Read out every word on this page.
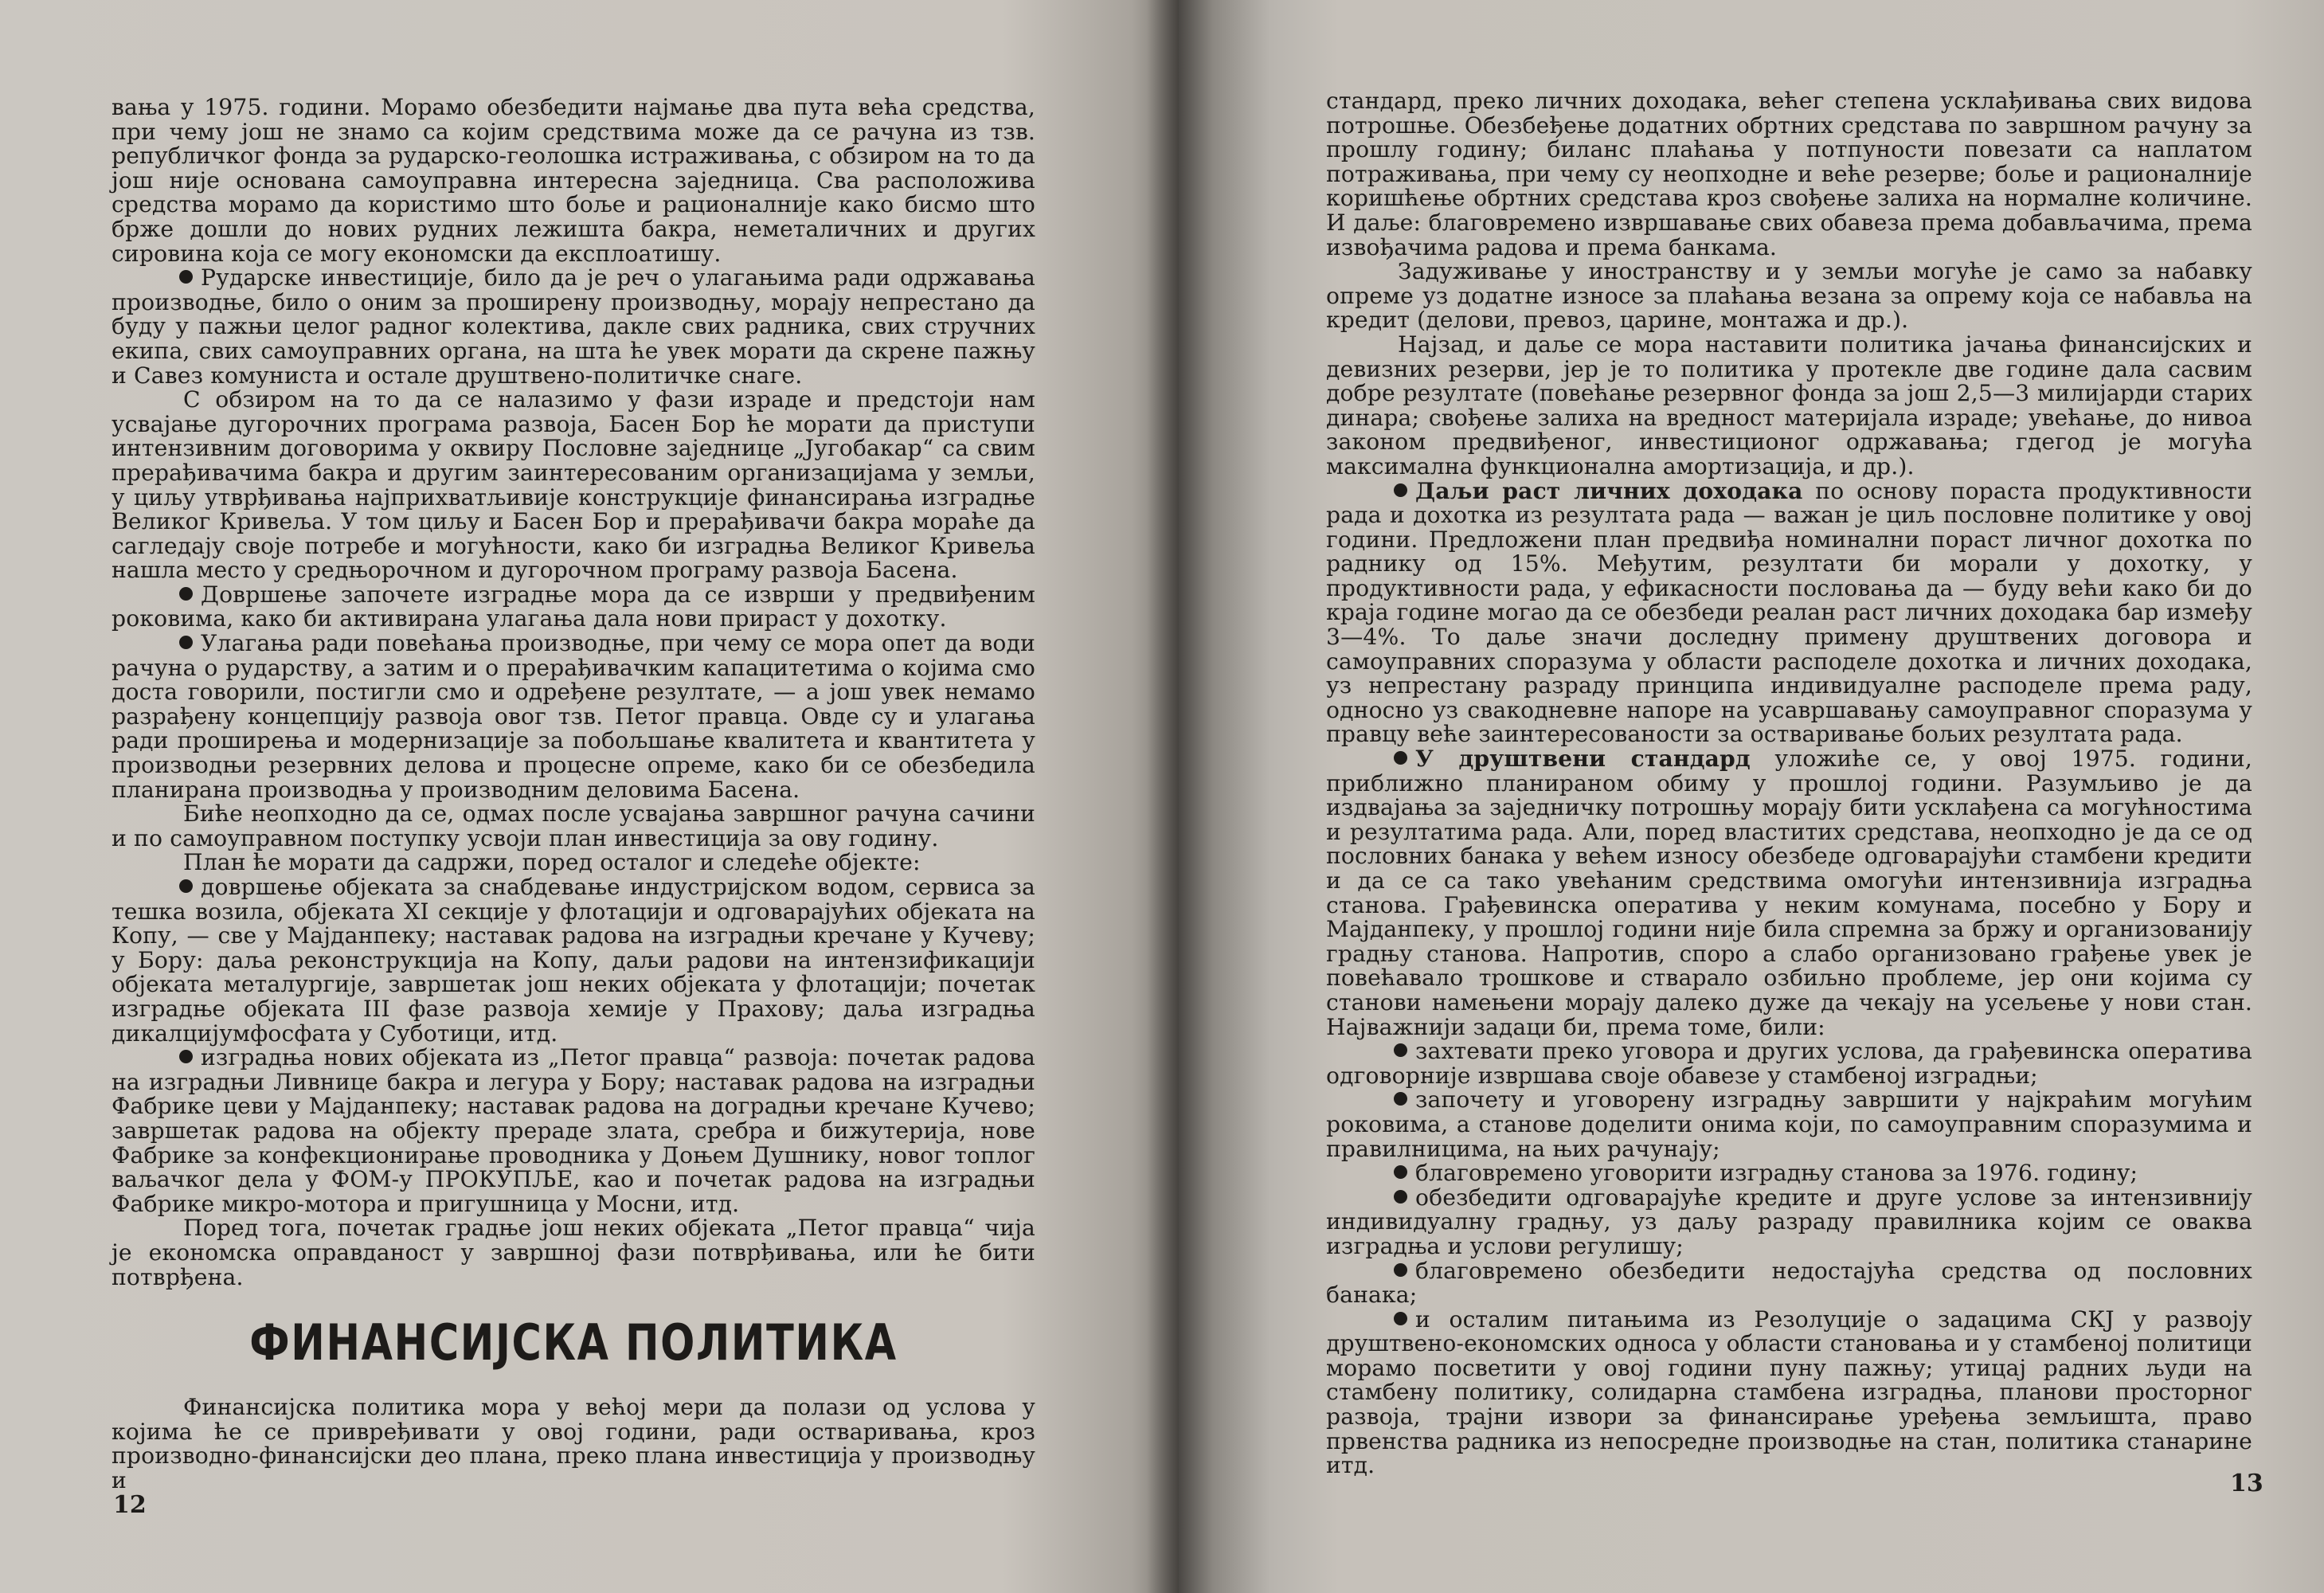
вања у 1975. години. Морамо обезбедити најмање два пута већа средства, при чему још не знамо са којим средствима може да се рачуна из тзв. републичког фонда за рударско-геолошка истраживања, с обзиром на то да још није основана самоуправна интересна заједница. Сва расположива средства морамо да користимо што боље и рационалније како бисмо што брже дошли до нових рудних лежишта бакра, неметаличних и других сировина која се могу економски да експлоатишу.

Рударске инвестиције, било да је реч о улагањима ради одржавања производње, било о оним за проширену производњу, морају непрестано да буду у пажњи целог радног колектива, дакле свих радника, свих стручних екипа, свих самоуправних органа, на шта ће увек морати да скрене пажњу и Савез комуниста и остале друштвено-политичке снаге.

С обзиром на то да се налазимо у фази израде и предстоји нам усвајање дугорочних програма развоја, Басен Бор ће морати да приступи интензивним договорима у оквиру Пословне заједнице „Југобакар“ са свим прерађивачима бакра и другим заинтересованим организацијама у земљи, у циљу утврђивања најприхватљивије конструкције финансирања изградње Великог Кривеља. У том циљу и Басен Бор и прерађивачи бакра мораће да сагледају своје потребе и могућности, како би изградња Великог Кривеља нашла место у средњорочном и дугорочном програму развоја Басена.

Довршење започете изградње мора да се изврши у предвиђеним роковима, како би активирана улагања дала нови прираст у дохотку.

Улагања ради повећања производње, при чему се мора опет да води рачуна о рударству, а затим и о прерађивачким капацитетима о којима смо доста говорили, постигли смо и одређене резултате, — а још увек немамо разрађену концепцију развоја овог тзв. Петог правца. Овде су и улагања ради проширења и модернизације за побољшање квалитета и квантитета у производњи резервних делова и процесне опреме, како би се обезбедила планирана производња у производним деловима Басена.

Биће неопходно да се, одмах после усвајања завршног рачуна сачини и по самоуправном поступку усвоји план инвестиција за ову годину.

План ће морати да садржи, поред осталог и следеће објекте:

довршење објеката за снабдевање индустријском водом, сервиса за тешка возила, објеката XI секције у флотацији и одговарајућих објеката на Копу, — све у Мајданпеку; наставак радова на изградњи кречане у Кучеву; у Бору: даља реконструкција на Копу, даљи радови на интензификацији објеката металургије, завршетак још неких објеката у флотацији; почетак изградње објеката III фазе развоја хемије у Прахову; даља изградња дикалцијумфосфата у Суботици, итд.

изградња нових објеката из „Петог правца“ развоја: почетак радова на изградњи Ливнице бакра и легура у Бору; наставак радова на изградњи Фабрике цеви у Мајданпеку; наставак радова на доградњи кречане Кучево; завршетак радова на објекту прераде злата, сребра и бижутерија, нове Фабрике за конфекционирање проводника у Доњем Душнику, новог топлог ваљачког дела у ФОМ-у ПРОКУПЉЕ, као и почетак радова на изградњи Фабрике микро-мотора и пригушница у Мосни, итд.

Поред тога, почетак градње још неких објеката „Петог правца“ чија је економска оправданост у завршној фази потврђивања, или ће бити потврђена.

ФИНАНСИЈСКА ПОЛИТИКА

Финансијска политика мора у већој мери да полази од услова у којима ће се привређивати у овој години, ради остваривања, кроз производно-финансијски део плана, преко плана инвестиција у производњу и

12

стандард, преко личних доходака, већег степена усклађивања свих видова потрошње. Обезбеђење додатних обртних средстава по завршном рачуну за прошлу годину; биланс плаћања у потпуности повезати са наплатом потраживања, при чему су неопходне и веће резерве; боље и рационалније коришћење обртних средстава кроз свођење залиха на нормалне количине. И даље: благовремено извршавање свих обавеза према добављачима, према извођачима радова и према банкама.

Задуживање у иностранству и у земљи могуће је само за набавку опреме уз додатне износе за плаћања везана за опрему која се набавља на кредит (делови, превоз, царине, монтажа и др.).

Најзад, и даље се мора наставити политика јачања финансијских и девизних резерви, јер је то политика у протекле две године дала сасвим добре резултате (повећање резервног фонда за још 2,5—3 милијарди старих динара; свођење залиха на вредност материјала израде; увећање, до нивоа законом предвиђеног, инвестиционог одржавања; гдегод је могућа максимална функционална амортизација, и др.).

Даљи раст личних доходака по основу пораста продуктивности рада и дохотка из резултата рада — важан је циљ пословне политике у овој години. Предложени план предвиђа номинални пораст личног дохотка по раднику од 15%. Међутим, резултати би морали у дохотку, у продуктивности рада, у ефикасности пословања да — буду већи како би до краја године могао да се обезбеди реалан раст личних доходака бар између 3—4%. То даље значи доследну примену друштвених договора и самоуправних споразума у области расподеле дохотка и личних доходака, уз непрестану разраду принципа индивидуалне расподеле према раду, односно уз свакодневне напоре на усавршавању самоуправног споразума у правцу веће заинтересованости за остваривање бољих резултата рада.

У друштвени стандард уложиће се, у овој 1975. години, приближно планираном обиму у прошлој години. Разумљиво је да издвајања за заједничку потрошњу морају бити усклађена са могућностима и резултатима рада. Али, поред властитих средстава, неопходно је да се од пословних банака у већем износу обезбеде одговарајући стамбени кредити и да се са тако увећаним средствима омогући интензивнија изградња станова. Грађевинска оператива у неким комунама, посебно у Бору и Мајданпеку, у прошлој години није била спремна за бржу и организованију градњу станова. Напротив, споро а слабо организовано грађење увек је повећавало трошкове и стварало озбиљно проблеме, јер они којима су станови намењени морају далеко дуже да чекају на усељење у нови стан. Најважнији задаци би, према томе, били:

захтевати преко уговора и других услова, да грађевинска оператива одговорније извршава своје обавезе у стамбеној изградњи;

започету и уговорену изградњу завршити у најкраћим могућим роковима, а станове доделити онима који, по самоуправним споразумима и правилницима, на њих рачунају;

благовремено уговорити изградњу станова за 1976. годину;

обезбедити одговарајуће кредите и друге услове за интензивнију индивидуалну градњу, уз даљу разраду правилника којим се оваква изградња и услови регулишу;

благовремено обезбедити недостајућа средства од пословних банака;

и осталим питањима из Резолуције о задацима СКЈ у развоју друштвено-економских односа у области становања и у стамбеној политици морамо посветити у овој години пуну пажњу; утицај радних људи на стамбену политику, солидарна стамбена изградња, планови просторног развоја, трајни извори за финансирање уређења земљишта, право првенства радника из непосредне производње на стан, политика станарине итд.

13
